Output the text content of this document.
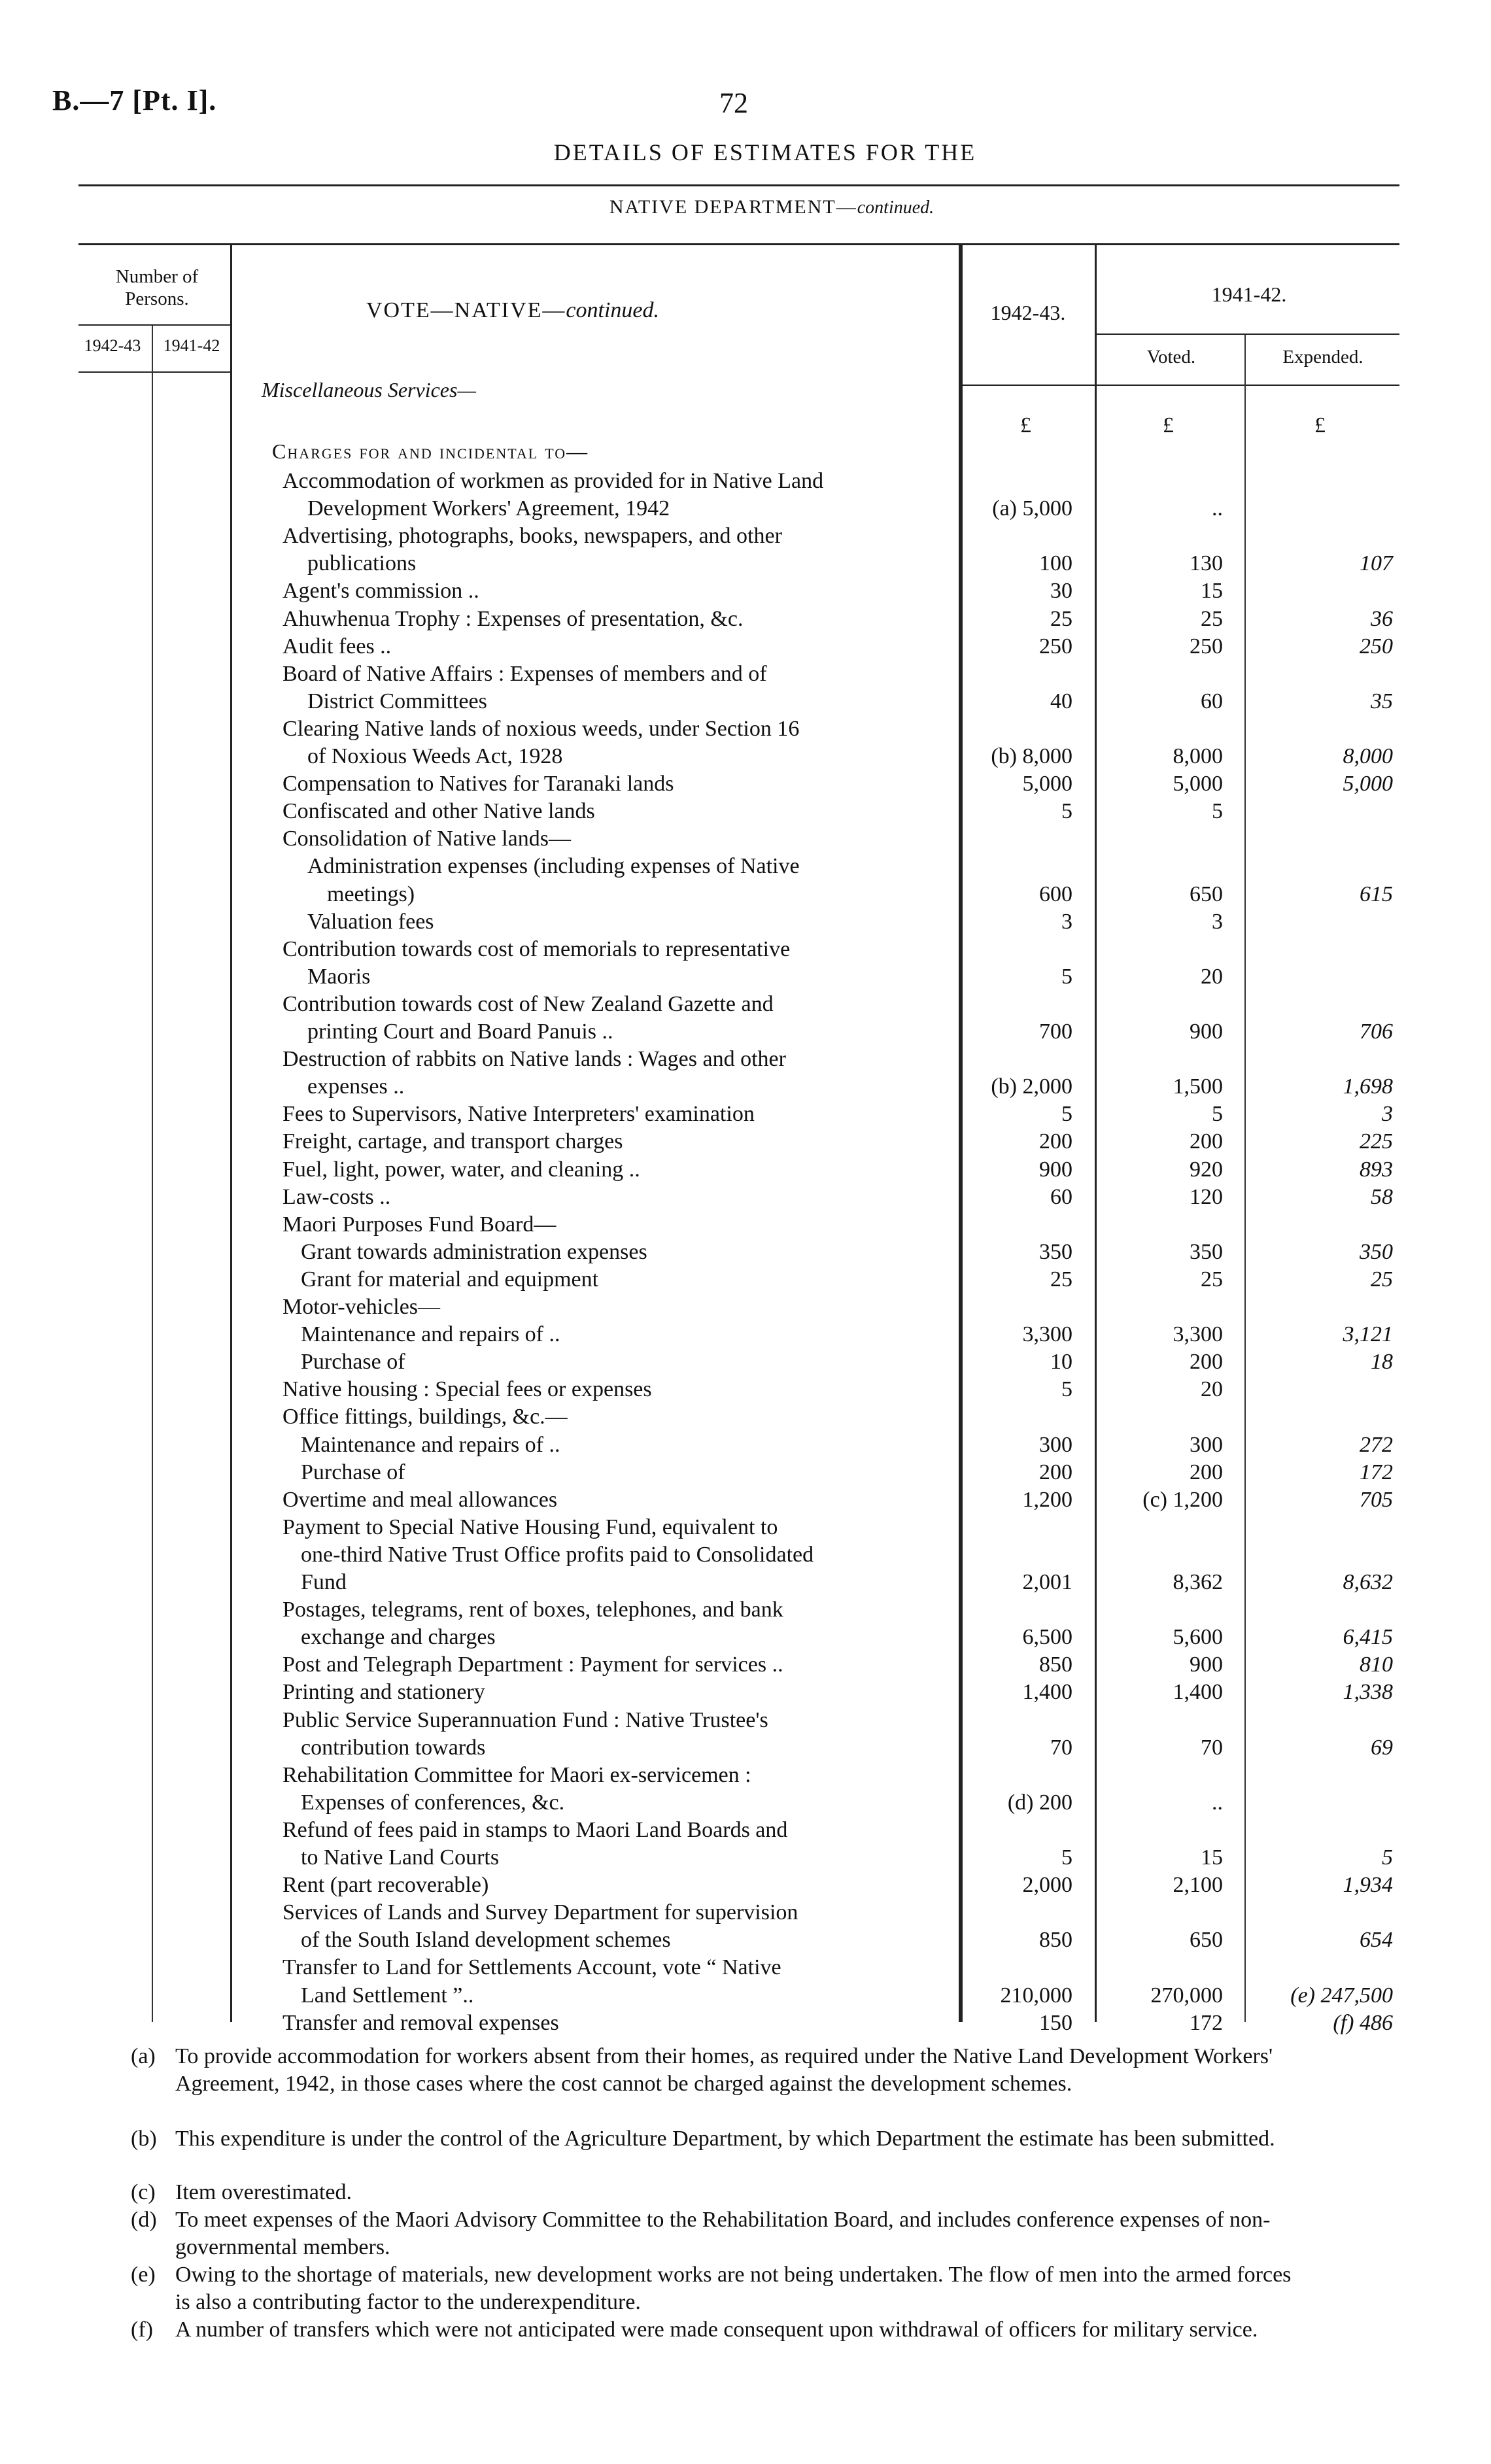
B.—7 [Pt. I].	72
DETAILS OF ESTIMATES FOR THE
NATIVE DEPARTMENT—continued.
Number of Persons.
1942-43	1941-42
VOTE—NATIVE—continued.	1942-43.
1941-42.
Voted.	Expended.
Miscellaneous Services—
£	£	£
Charges for and incidental to—
Accommodation of workmen as provided for in Native Land
Development Workers' Agreement, 1942	(a) 5,000	..
Advertising, photographs, books, newspapers, and other
publications	100	130	107
Agent's commission ..	30	15
Ahuwhenua Trophy : Expenses of presentation, &c.	25	25	36
Audit fees ..	250	250	250
Board of Native Affairs : Expenses of members and of
District Committees	40	60	35
Clearing Native lands of noxious weeds, under Section 16
of Noxious Weeds Act, 1928	(b) 8,000	8,000	8,000
Compensation to Natives for Taranaki lands	5,000	5,000	5,000
Confiscated and other Native lands	5	5
Consolidation of Native lands—
Administration expenses (including expenses of Native
meetings)	600	650	615
Valuation fees	3	3
Contribution towards cost of memorials to representative
Maoris	5	20
Contribution towards cost of New Zealand Gazette and
printing Court and Board Panuis ..	700	900	706
Destruction of rabbits on Native lands : Wages and other
expenses ..	(b) 2,000	1,500	1,698
Fees to Supervisors, Native Interpreters' examination	5	5	3
Freight, cartage, and transport charges	200	200	225
Fuel, light, power, water, and cleaning ..	900	920	893
Law-costs ..	60	120	58
Maori Purposes Fund Board—
Grant towards administration expenses	350	350	350
Grant for material and equipment	25	25	25
Motor-vehicles—
Maintenance and repairs of ..	3,300	3,300	3,121
Purchase of	10	200	18
Native housing : Special fees or expenses	5	20
Office fittings, buildings, &c.—
Maintenance and repairs of ..	300	300	272
Purchase of	200	200	172
Overtime and meal allowances	1,200	(c) 1,200	705
Payment to Special Native Housing Fund, equivalent to
one-third Native Trust Office profits paid to Consolidated
Fund	2,001	8,362	8,632
Postages, telegrams, rent of boxes, telephones, and bank
exchange and charges	6,500	5,600	6,415
Post and Telegraph Department : Payment for services ..	850	900	810
Printing and stationery	1,400	1,400	1,338
Public Service Superannuation Fund : Native Trustee's
contribution towards	70	70	69
Rehabilitation Committee for Maori ex-servicemen :
Expenses of conferences, &c.	(d) 200	..
Refund of fees paid in stamps to Maori Land Boards and
to Native Land Courts	5	15	5
Rent (part recoverable)	2,000	2,100	1,934
Services of Lands and Survey Department for supervision
of the South Island development schemes	850	650	654
Transfer to Land for Settlements Account, vote “ Native
Land Settlement ”..	210,000	270,000	(e) 247,500
Transfer and removal expenses	150	172	(f) 486
(a) To provide accommodation for workers absent from their homes, as required under the Native Land Development Workers' Agreement, 1942, in those cases where the cost cannot be charged against the development schemes.
(b) This expenditure is under the control of the Agriculture Department, by which Department the estimate has been submitted.
(c) Item overestimated.
(d) To meet expenses of the Maori Advisory Committee to the Rehabilitation Board, and includes conference expenses of non-governmental members.
(e) Owing to the shortage of materials, new development works are not being undertaken. The flow of men into the armed forces is also a contributing factor to the underexpenditure.
(f) A number of transfers which were not anticipated were made consequent upon withdrawal of officers for military service.
